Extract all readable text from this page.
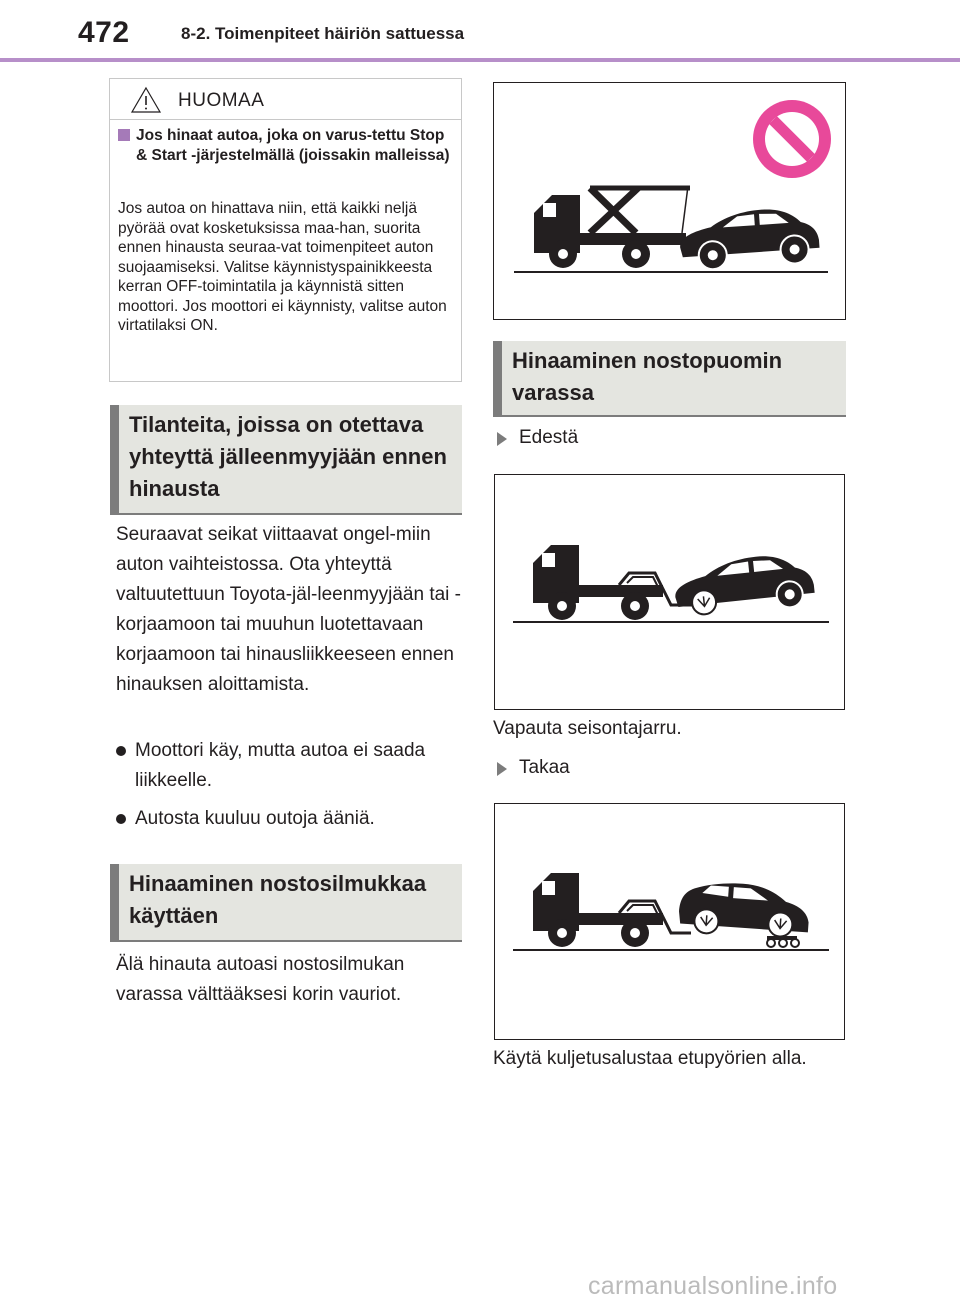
472	8-2. Toimenpiteet häiriön sattuessa
HUOMAA
Jos hinaat autoa, joka on varus-tettu Stop & Start -järjestelmällä (joissakin malleissa)
Jos autoa on hinattava niin, että kaikki neljä pyörää ovat kosketuksissa maa-han, suorita ennen hinausta seuraa-vat toimenpiteet auton suojaamiseksi. Valitse käynnistyspainikkeesta kerran OFF-toimintatila ja käynnistä sitten moottori. Jos moottori ei käynnisty, valitse auton virtatilaksi ON.
Tilanteita, joissa on otettava yhteyttä jälleenmyyjään ennen hinausta
Seuraavat seikat viittaavat ongel-miin auton vaihteistossa. Ota yhteyttä valtuutettuun Toyota-jäl-leenmyyjään tai -korjaamoon tai muuhun luotettavaan korjaamoon tai hinausliikkeeseen ennen hinauksen aloittamista.
Moottori käy, mutta autoa ei saada liikkeelle.
Autosta kuuluu outoja ääniä.
Hinaaminen nostosilmukkaa käyttäen
Älä hinauta autoasi nostosilmukan varassa välttääksesi korin vauriot.
Hinaaminen nostopuomin varassa
Edestä
Vapauta seisontajarru.
Takaa
Käytä kuljetusalustaa etupyörien alla.
carmanualsonline.info
